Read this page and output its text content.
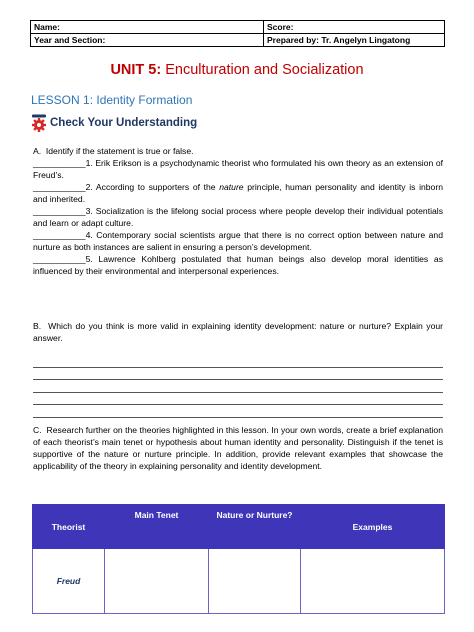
Name:	Score:
Year and Section:	Prepared by: Tr. Angelyn Lingatong
UNIT 5: Enculturation and Socialization
LESSON 1: Identity Formation
Check Your Understanding

A.  Identify if the statement is true or false.

___________1. Erik Erikson is a psychodynamic theorist who formulated his own theory as an extension of Freud’s.

___________2. According to supporters of the nature principle, human personality and identity is inborn and inherited.

___________3. Socialization is the lifelong social process where people develop their individual potentials and learn or adapt culture.

___________4. Contemporary social scientists argue that there is no correct option between nature and nurture as both instances are salient in ensuring a person’s development.

___________5. Lawrence Kohlberg postulated that human beings also develop moral identities as influenced by their environmental and interpersonal experiences.

B.  Which do you think is more valid in explaining identity development: nature or nurture? Explain your answer.

C.  Research further on the theories highlighted in this lesson. In your own words, create a brief explanation of each theorist’s main tenet or hypothesis about human identity and personality. Distinguish if the tenet is supportive of the nature or nurture principle. In addition, provide relevant examples that showcase the applicability of the theory in explaining personality and identity development.

Theorist	Main Tenet	Nature or Nurture?	Examples
Freud			
